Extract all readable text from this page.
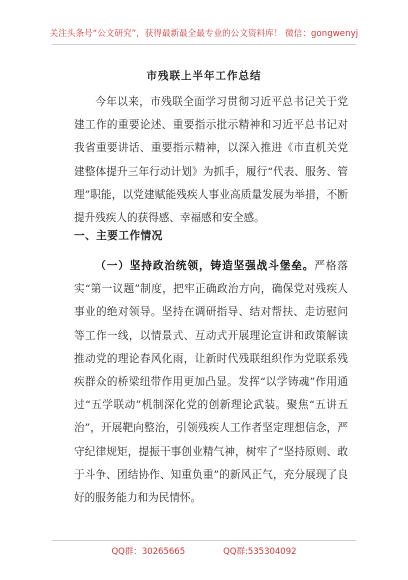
关注头条号“公文研究”，获得最新最全最专业的公文资料库！ 微信：gongwenyj
市残联上半年工作总结

今年以来，市残联全面学习贯彻习近平总书记关于党建工作的重要论述、重要指示批示精神和习近平总书记对我省重要讲话、重要指示精神，以深入推进《市直机关党建整体提升三年行动计划》为抓手，履行“代表、服务、管理”职能，以党建赋能残疾人事业高质量发展为举措，不断提升残疾人的获得感、幸福感和安全感。

一、主要工作情况

（一）坚持政治统领，铸造坚强战斗堡垒。严格落实“第一议题”制度，把牢正确政治方向，确保党对残疾人事业的绝对领导。坚持在调研指导、结对帮扶、走访慰问等工作一线，以情景式、互动式开展理论宣讲和政策解读推动党的理论春风化雨，让新时代残联组织作为党联系残疾群众的桥梁纽带作用更加凸显。发挥“以学铸魂”作用通过“五学联动”机制深化党的创新理论武装。聚焦“五讲五治”，开展靶向整治，引领残疾人工作者坚定理想信念，严守纪律规矩，提振干事创业精气神，树牢了“坚持原则、敢于斗争、团结协作、知重负重”的新风正气，充分展现了良好的服务能力和为民情怀。

QQ群：30265665	QQ群:535304092
